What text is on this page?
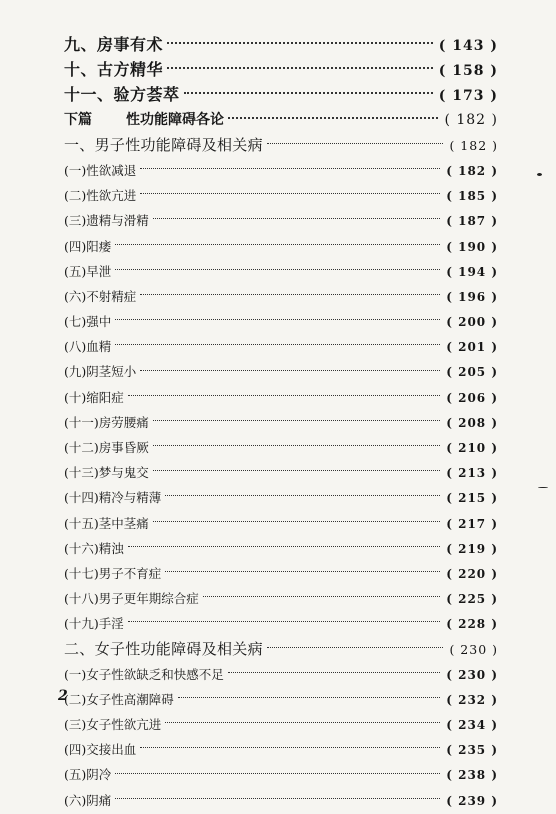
九、房事有术	( 143 )
十、古方精华	( 158 )
十一、验方荟萃	( 173 )
下篇 性功能障碍各论	( 182 )
一、男子性功能障碍及相关病	( 182 )
(一)性欲减退	( 182 )
(二)性欲亢进	( 185 )
(三)遗精与滑精	( 187 )
(四)阳痿	( 190 )
(五)早泄	( 194 )
(六)不射精症	( 196 )
(七)强中	( 200 )
(八)血精	( 201 )
(九)阴茎短小	( 205 )
(十)缩阳症	( 206 )
(十一)房劳腰痛	( 208 )
(十二)房事昏厥	( 210 )
(十三)梦与鬼交	( 213 )
(十四)精冷与精薄	( 215 )
(十五)茎中茎痛	( 217 )
(十六)精浊	( 219 )
(十七)男子不育症	( 220 )
(十八)男子更年期综合症	( 225 )
(十九)手淫	( 228 )
二、女子性功能障碍及相关病	( 230 )
(一)女子性欲缺乏和快感不足	( 230 )
(二)女子性高潮障碍	( 232 )
(三)女子性欲亢进	( 234 )
(四)交接出血	( 235 )
(五)阴冷	( 238 )
(六)阴痛	( 239 )
2
